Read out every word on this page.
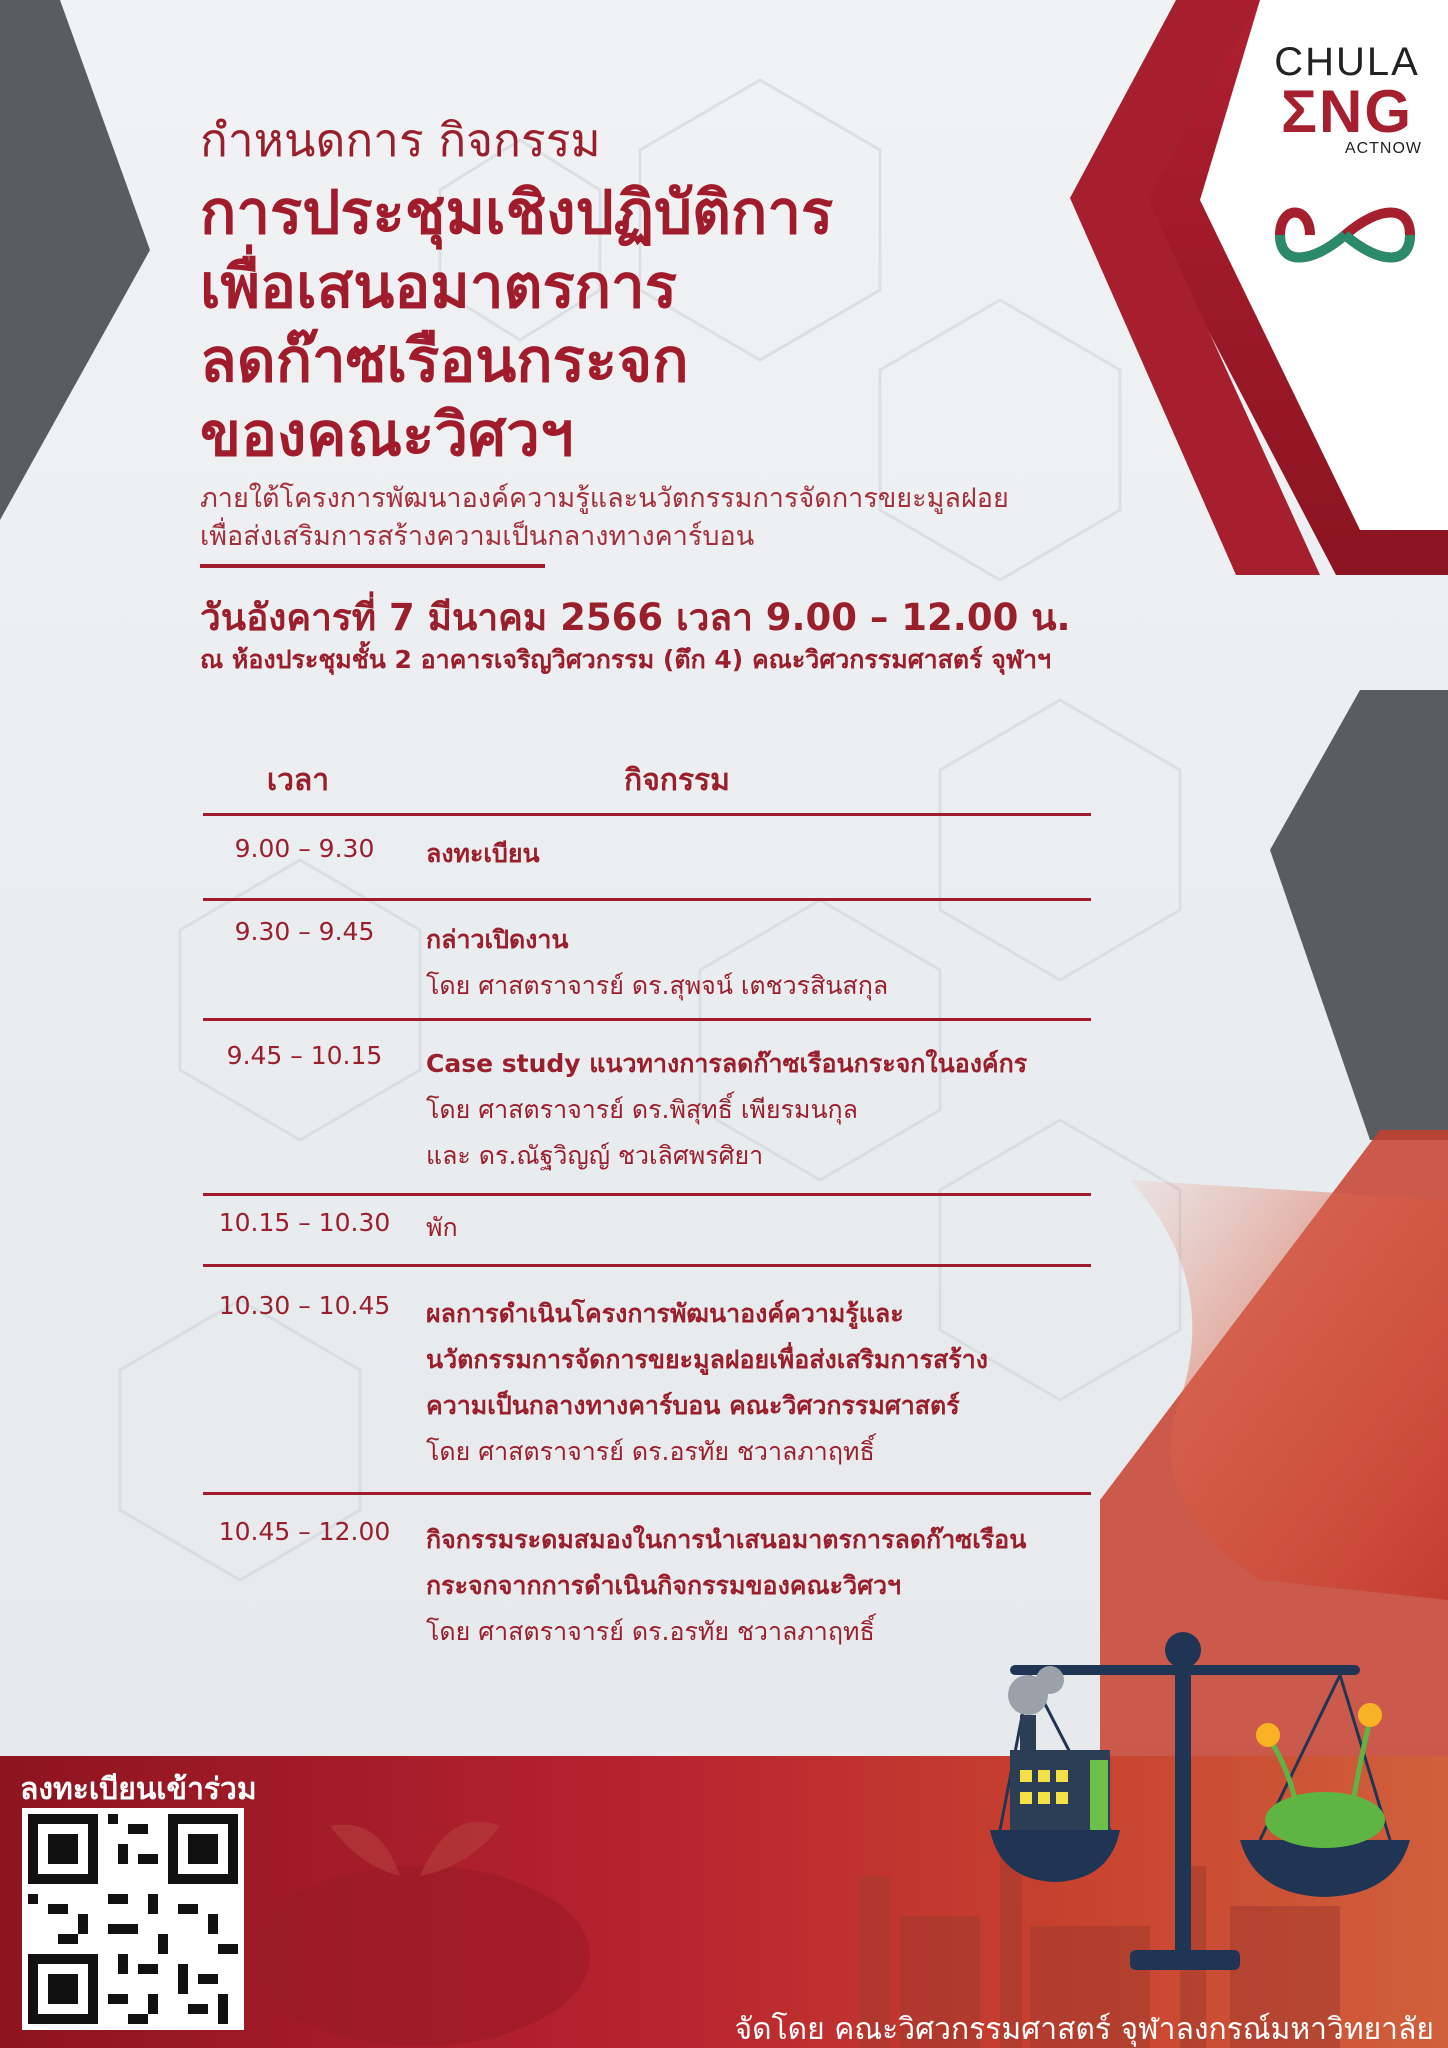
CHULA
ΣNG
ACTNOW
กำหนดการ กิจกรรม
การประชุมเชิงปฏิบัติการ
เพื่อเสนอมาตรการ
ลดก๊าซเรือนกระจก
ของคณะวิศวฯ
ภายใต้โครงการพัฒนาองค์ความรู้และนวัตกรรมการจัดการขยะมูลฝอย
เพื่อส่งเสริมการสร้างความเป็นกลางทางคาร์บอน
วันอังคารที่ 7 มีนาคม 2566 เวลา 9.00 – 12.00 น.
ณ ห้องประชุมชั้น 2 อาคารเจริญวิศวกรรม (ตึก 4) คณะวิศวกรรมศาสตร์ จุฬาฯ
เวลา	กิจกรรม
9.00 – 9.30	ลงทะเบียน
9.30 – 9.45	กล่าวเปิดงาน
โดย ศาสตราจารย์ ดร.สุพจน์ เตชวรสินสกุล
9.45 – 10.15	Case study แนวทางการลดก๊าซเรือนกระจกในองค์กร
โดย ศาสตราจารย์ ดร.พิสุทธิ์ เพียรมนกุล
และ ดร.ณัฐวิญญ์ ชวเลิศพรศิยา
10.15 – 10.30	พัก
10.30 – 10.45	ผลการดำเนินโครงการพัฒนาองค์ความรู้และ
นวัตกรรมการจัดการขยะมูลฝอยเพื่อส่งเสริมการสร้าง
ความเป็นกลางทางคาร์บอน คณะวิศวกรรมศาสตร์
โดย ศาสตราจารย์ ดร.อรทัย ชวาลภาฤทธิ์
10.45 – 12.00	กิจกรรมระดมสมองในการนำเสนอมาตรการลดก๊าซเรือน
กระจกจากการดำเนินกิจกรรมของคณะวิศวฯ
โดย ศาสตราจารย์ ดร.อรทัย ชวาลภาฤทธิ์
ลงทะเบียนเข้าร่วม
จัดโดย คณะวิศวกรรมศาสตร์ จุฬาลงกรณ์มหาวิทยาลัย
